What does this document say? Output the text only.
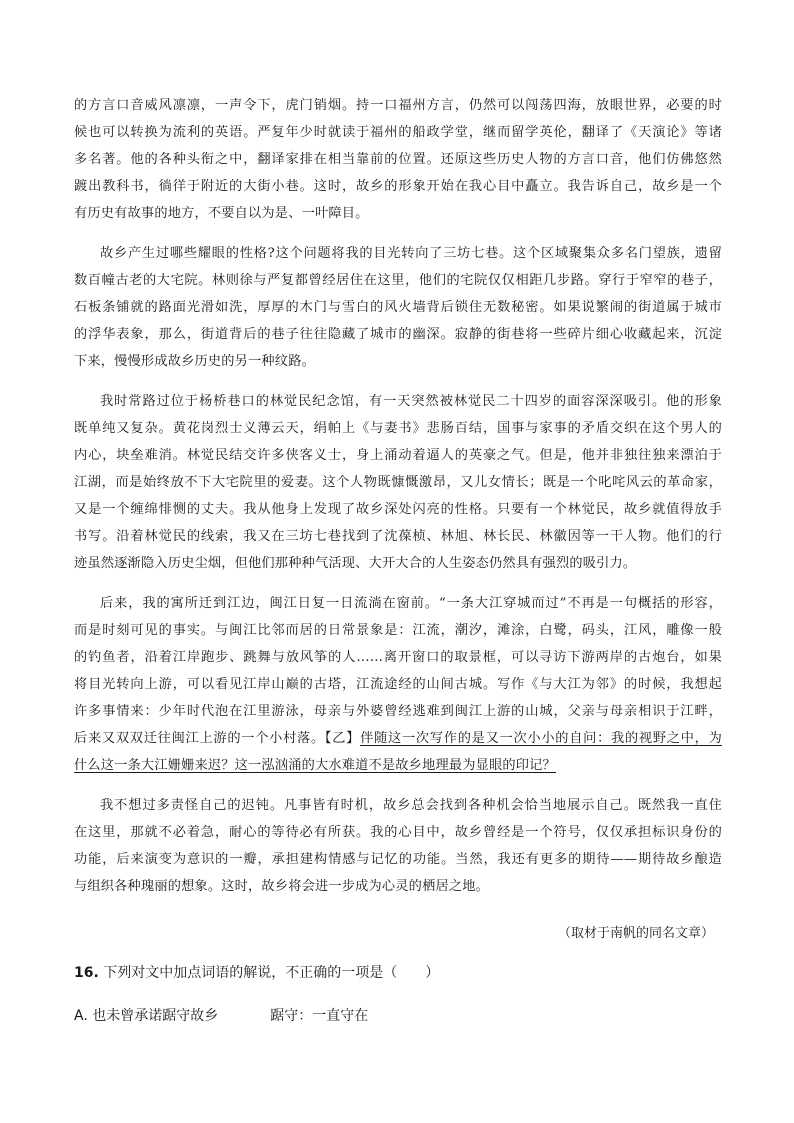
的方言口音威风凛凛，一声令下，虎门销烟。持一口福州方言，仍然可以闯荡四海，放眼世界，必要的时
候也可以转换为流利的英语。严复年少时就读于福州的船政学堂，继而留学英伦，翻译了《天演论》等诸
多名著。他的各种头衔之中，翻译家排在相当靠前的位置。还原这些历史人物的方言口音，他们仿佛悠然
踱出教科书，徜徉于附近的大街小巷。这时，故乡的形象开始在我心目中矗立。我告诉自己，故乡是一个
有历史有故事的地方，不要自以为是、一叶障目。
故乡产生过哪些耀眼的性格?这个问题将我的目光转向了三坊七巷。这个区域聚集众多名门望族，遗留
数百幢古老的大宅院。林则徐与严复都曾经居住在这里，他们的宅院仅仅相距几步路。穿行于窄窄的巷子，
石板条铺就的路面光滑如洗，厚厚的木门与雪白的风火墙背后锁住无数秘密。如果说繁闹的街道属于城市
的浮华表象，那么，街道背后的巷子往往隐藏了城市的幽深。寂静的街巷将一些碎片细心收藏起来，沉淀
下来，慢慢形成故乡历史的另一种纹路。
我时常路过位于杨桥巷口的林觉民纪念馆，有一天突然被林觉民二十四岁的面容深深吸引。他的形象
既单纯又复杂。黄花岗烈士义薄云天，绢帕上《与妻书》悲肠百结，国事与家事的矛盾交织在这个男人的
内心，块垒难消。林觉民结交许多侠客义士，身上涌动着逼人的英豪之气。但是，他并非独往独来漂泊于
江湖，而是始终放不下大宅院里的爱妻。这个人物既慷慨激昂，又儿女情长；既是一个叱咤风云的革命家，
又是一个缠绵悱恻的丈夫。我从他身上发现了故乡深处闪亮的性格。只要有一个林觉民，故乡就值得放手
书写。沿着林觉民的线索，我又在三坊七巷找到了沈葆桢、林旭、林长民、林徽因等一干人物。他们的行
迹虽然逐渐隐入历史尘烟，但他们那种种气活现、大开大合的人生姿态仍然具有强烈的吸引力。
后来，我的寓所迁到江边，闽江日复一日流淌在窗前。“一条大江穿城而过”不再是一句概括的形容，
而是时刻可见的事实。与闽江比邻而居的日常景象是：江流，潮汐，滩涂，白鹭，码头，江风，雕像一般
的钓鱼者，沿着江岸跑步、跳舞与放风筝的人……离开窗口的取景框，可以寻访下游两岸的古炮台，如果
将目光转向上游，可以看见江岸山巅的古塔，江流途经的山间古城。写作《与大江为邻》的时候，我想起
许多事情来：少年时代泡在江里游泳，母亲与外婆曾经逃难到闽江上游的山城，父亲与母亲相识于江畔，
后来又双双迁往闽江上游的一个小村落。【乙】伴随这一次写作的是又一次小小的自问：我的视野之中，为
什么这一条大江姗姗来迟？这一泓汹涌的大水难道不是故乡地理最为显眼的印记？
我不想过多责怪自己的迟钝。凡事皆有时机，故乡总会找到各种机会恰当地展示自己。既然我一直住
在这里，那就不必着急，耐心的等待必有所获。我的心目中，故乡曾经是一个符号，仅仅承担标识身份的
功能，后来演变为意识的一瓣，承担建构情感与记忆的功能。当然，我还有更多的期待——期待故乡酿造
与组织各种瑰丽的想象。这时，故乡将会进一步成为心灵的栖居之地。
（取材于南帆的同名文章）
16. 下列对文中加点词语的解说，不正确的一项是（　　）
A. 也未曾承诺踞守故乡	踞守：一直守在
